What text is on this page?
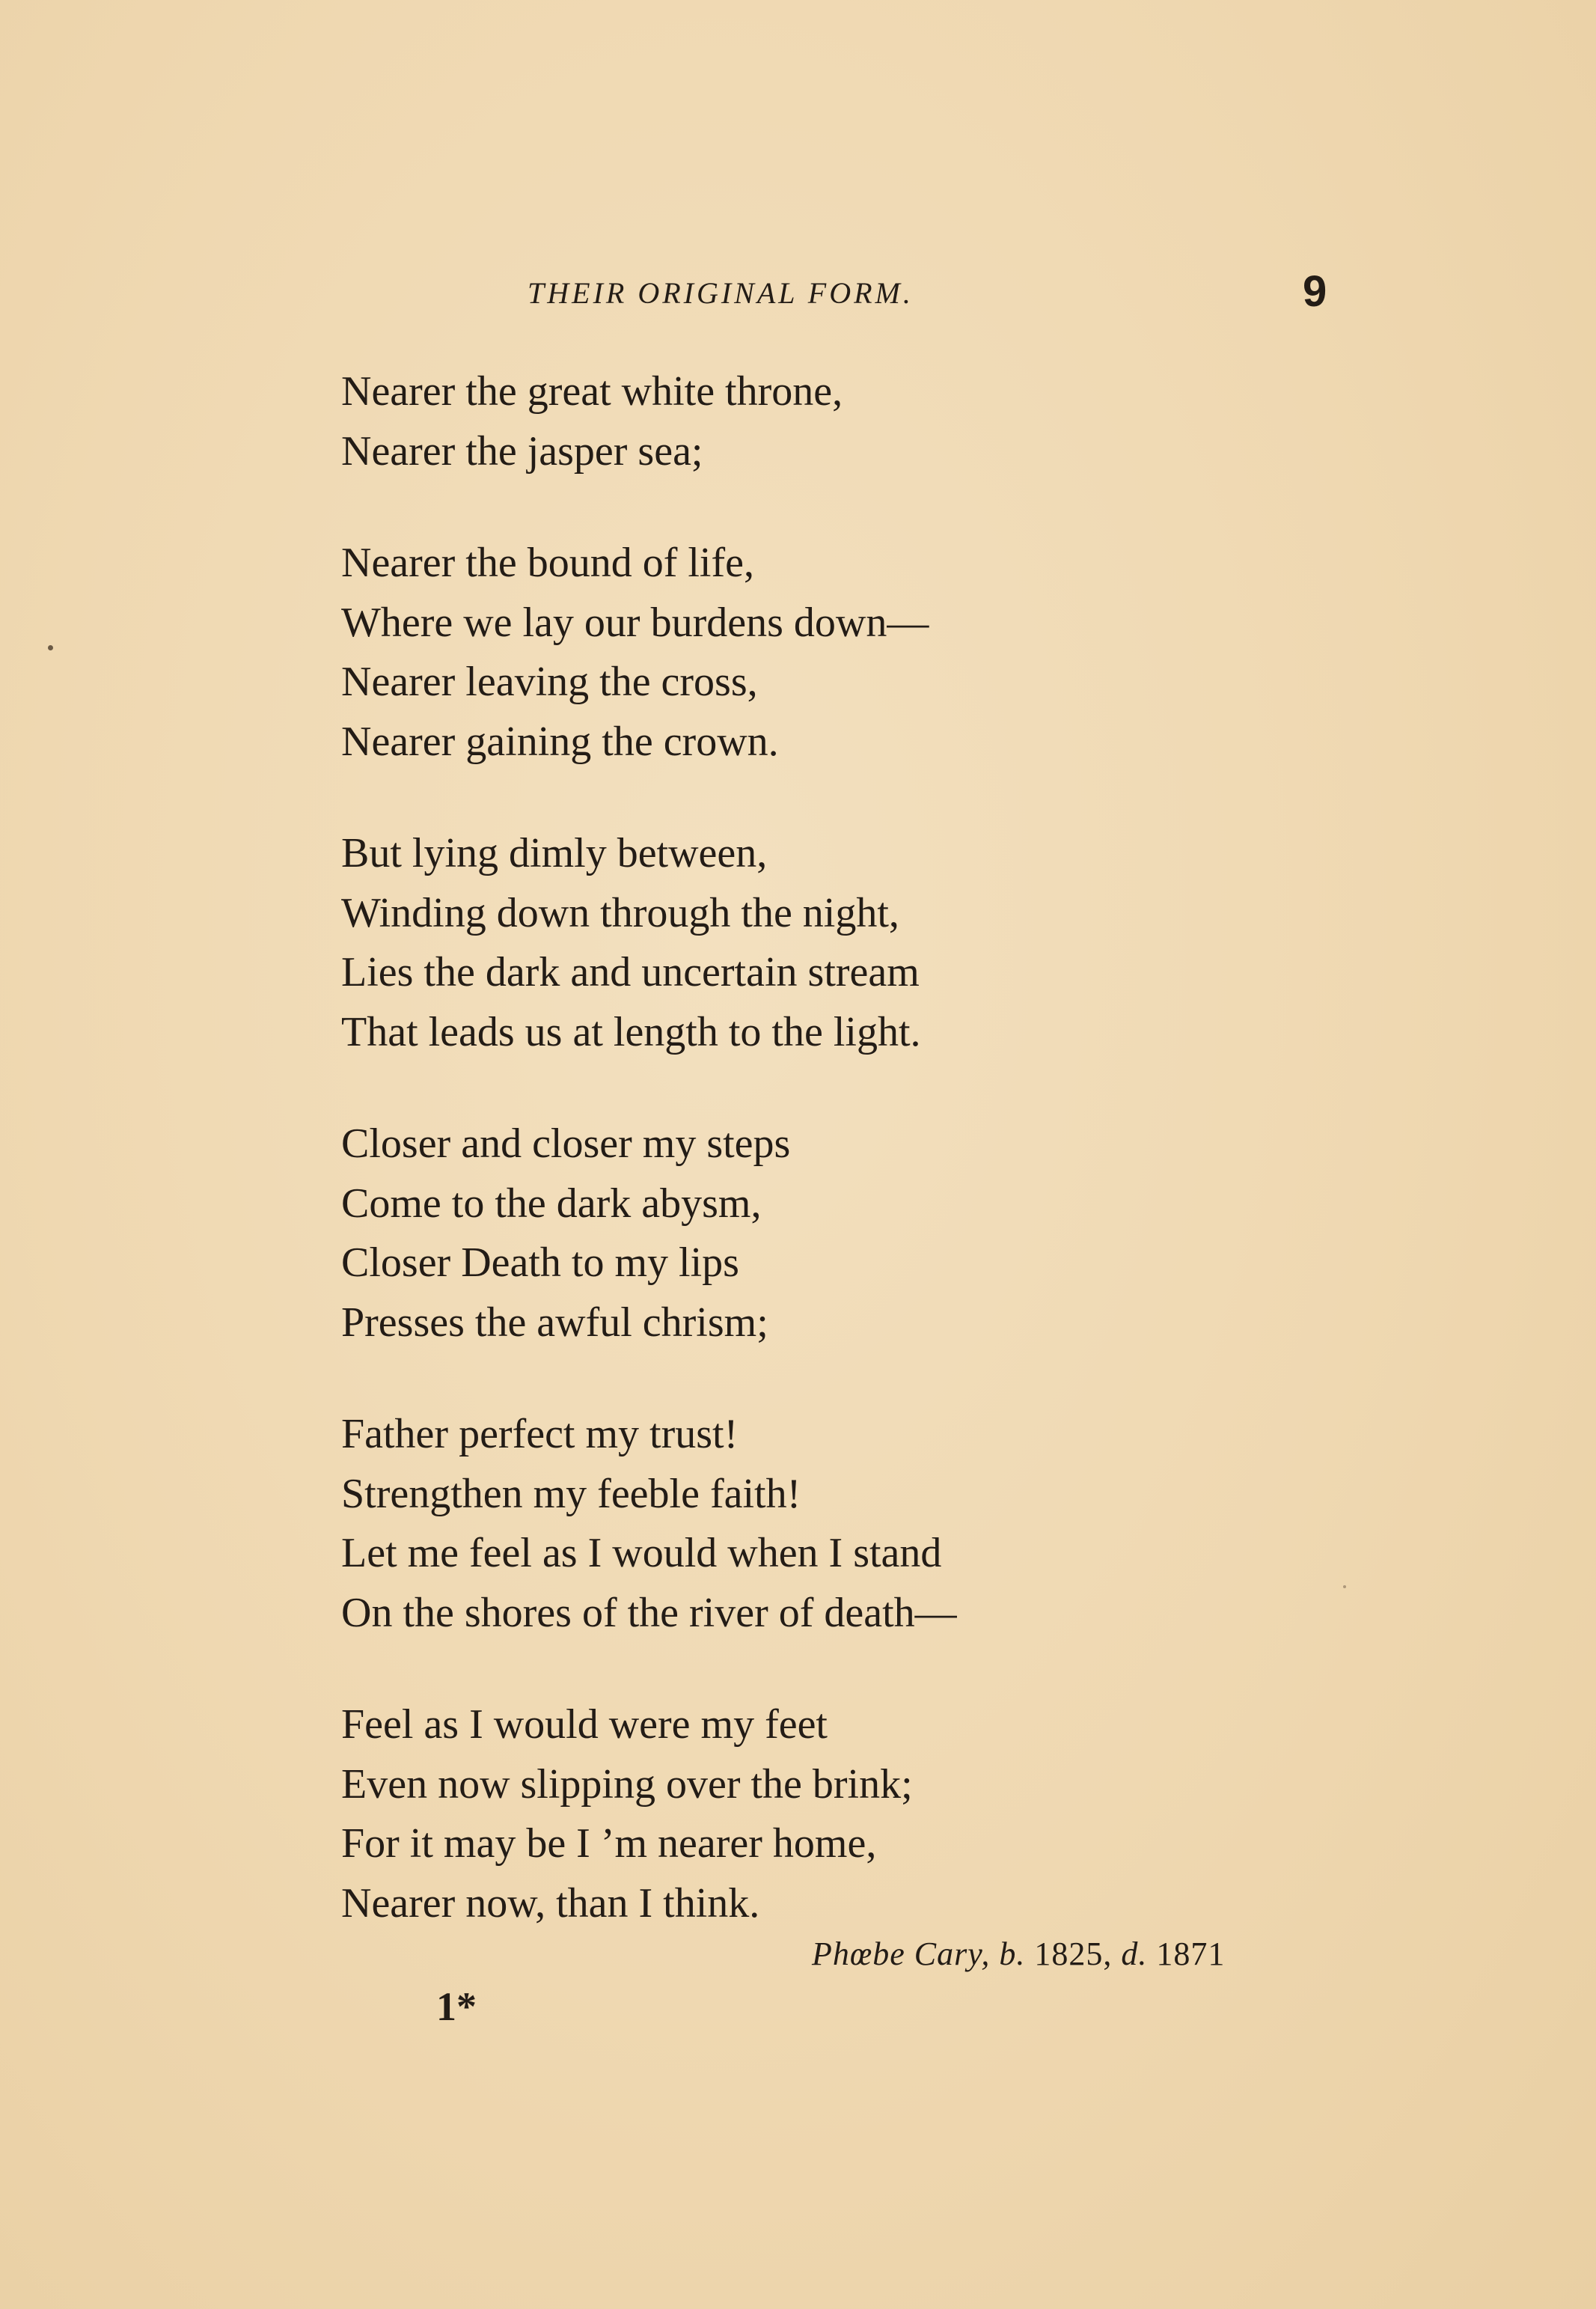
THEIR ORIGINAL FORM.	9
Nearer the great white throne,
Nearer the jasper sea;
Nearer the bound of life,
Where we lay our burdens down—
Nearer leaving the cross,
Nearer gaining the crown.
But lying dimly between,
Winding down through the night,
Lies the dark and uncertain stream
That leads us at length to the light.
Closer and closer my steps
Come to the dark abysm,
Closer Death to my lips
Presses the awful chrism;
Father perfect my trust!
Strengthen my feeble faith!
Let me feel as I would when I stand
On the shores of the river of death—
Feel as I would were my feet
Even now slipping over the brink;
For it may be I ’m nearer home,
Nearer now, than I think.
Phœbe Cary, b. 1825, d. 1871
1*
